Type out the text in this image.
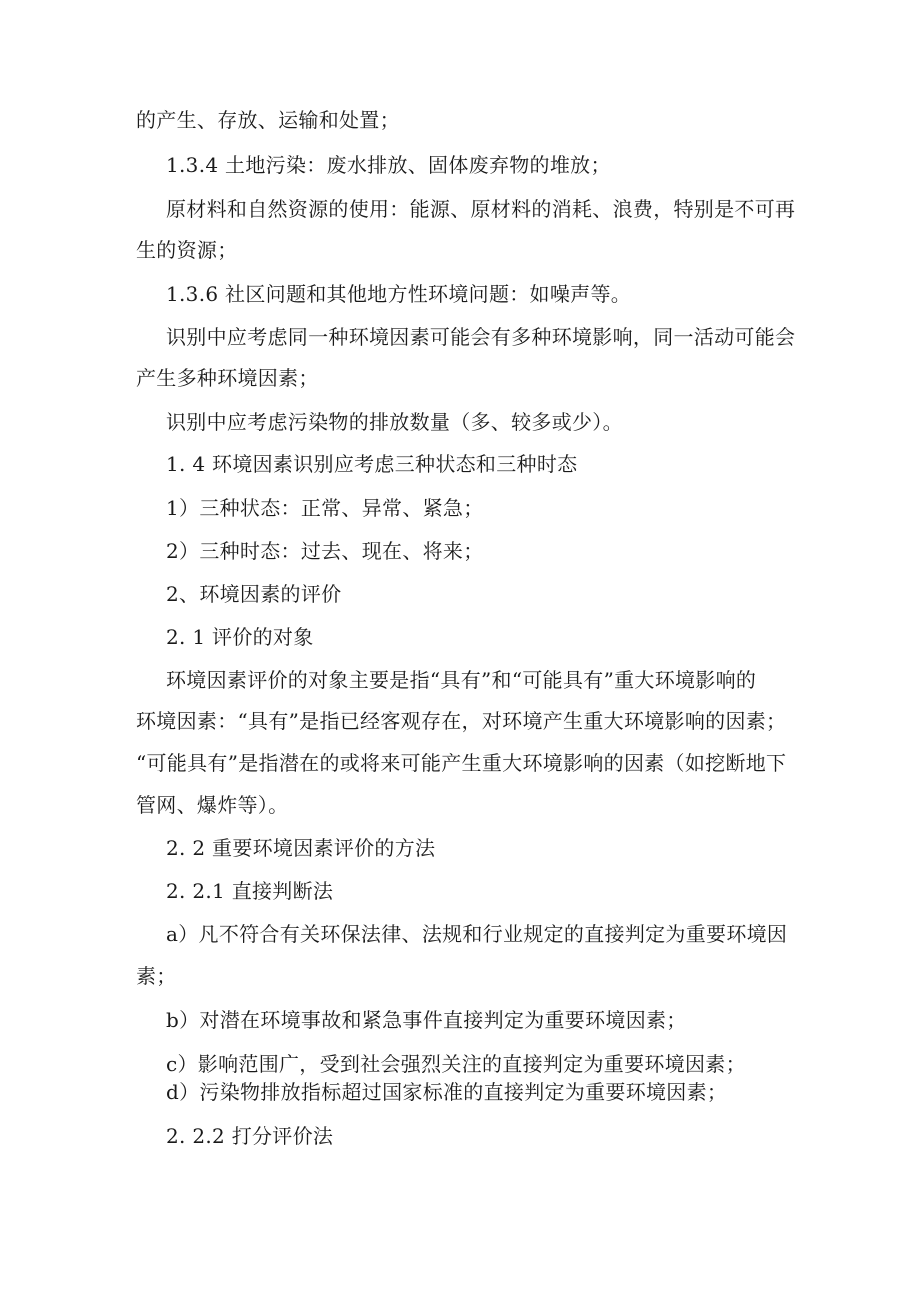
的产生、存放、运输和处置；
1.3.4 土地污染：废水排放、固体废弃物的堆放；
原材料和自然资源的使用：能源、原材料的消耗、浪费，特别是不可再
生的资源；
1.3.6 社区问题和其他地方性环境问题：如噪声等。
识别中应考虑同一种环境因素可能会有多种环境影响，同一活动可能会
产生多种环境因素；
识别中应考虑污染物的排放数量（多、较多或少）。
1. 4 环境因素识别应考虑三种状态和三种时态
1）三种状态：正常、异常、紧急；
2）三种时态：过去、现在、将来；
2、环境因素的评价
2. 1 评价的对象
环境因素评价的对象主要是指“具有”和“可能具有”重大环境影响的
环境因素：“具有”是指已经客观存在，对环境产生重大环境影响的因素；
“可能具有”是指潜在的或将来可能产生重大环境影响的因素（如挖断地下
管网、爆炸等）。
2. 2 重要环境因素评价的方法
2. 2.1 直接判断法
a）凡不符合有关环保法律、法规和行业规定的直接判定为重要环境因
素；
b）对潜在环境事故和紧急事件直接判定为重要环境因素；
c）影响范围广，受到社会强烈关注的直接判定为重要环境因素；
d）污染物排放指标超过国家标准的直接判定为重要环境因素；
2. 2.2 打分评价法
